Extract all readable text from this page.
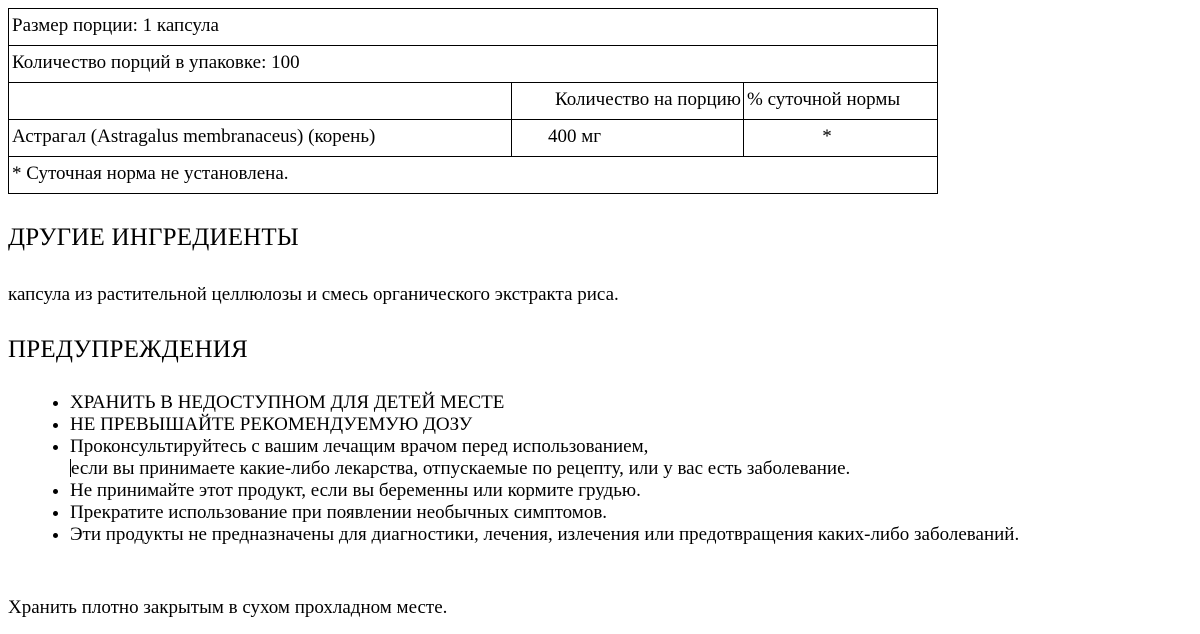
Размер порции: 1 капсула		
Количество порций в упаковке: 100		
	Количество на порцию	% суточной нормы
Астрагал (Astragalus membranaceus) (корень)	400 мг	*
* Суточная норма не установлена.		
ДРУГИЕ ИНГРЕДИЕНТЫ

капсула из растительной целлюлозы и смесь органического экстракта риса.

ПРЕДУПРЕЖДЕНИЯ
• ХРАНИТЬ В НЕДОСТУПНОМ ДЛЯ ДЕТЕЙ МЕСТЕ
• НЕ ПРЕВЫШАЙТЕ РЕКОМЕНДУЕМУЮ ДОЗУ
• Проконсультируйтесь с вашим лечащим врачом перед использованием,
если вы принимаете какие-либо лекарства, отпускаемые по рецепту, или у вас есть заболевание.
• Не принимайте этот продукт, если вы беременны или кормите грудью.
• Прекратите использование при появлении необычных симптомов.
• Эти продукты не предназначены для диагностики, лечения, излечения или предотвращения каких-либо заболеваний.

Хранить плотно закрытым в сухом прохладном месте.
